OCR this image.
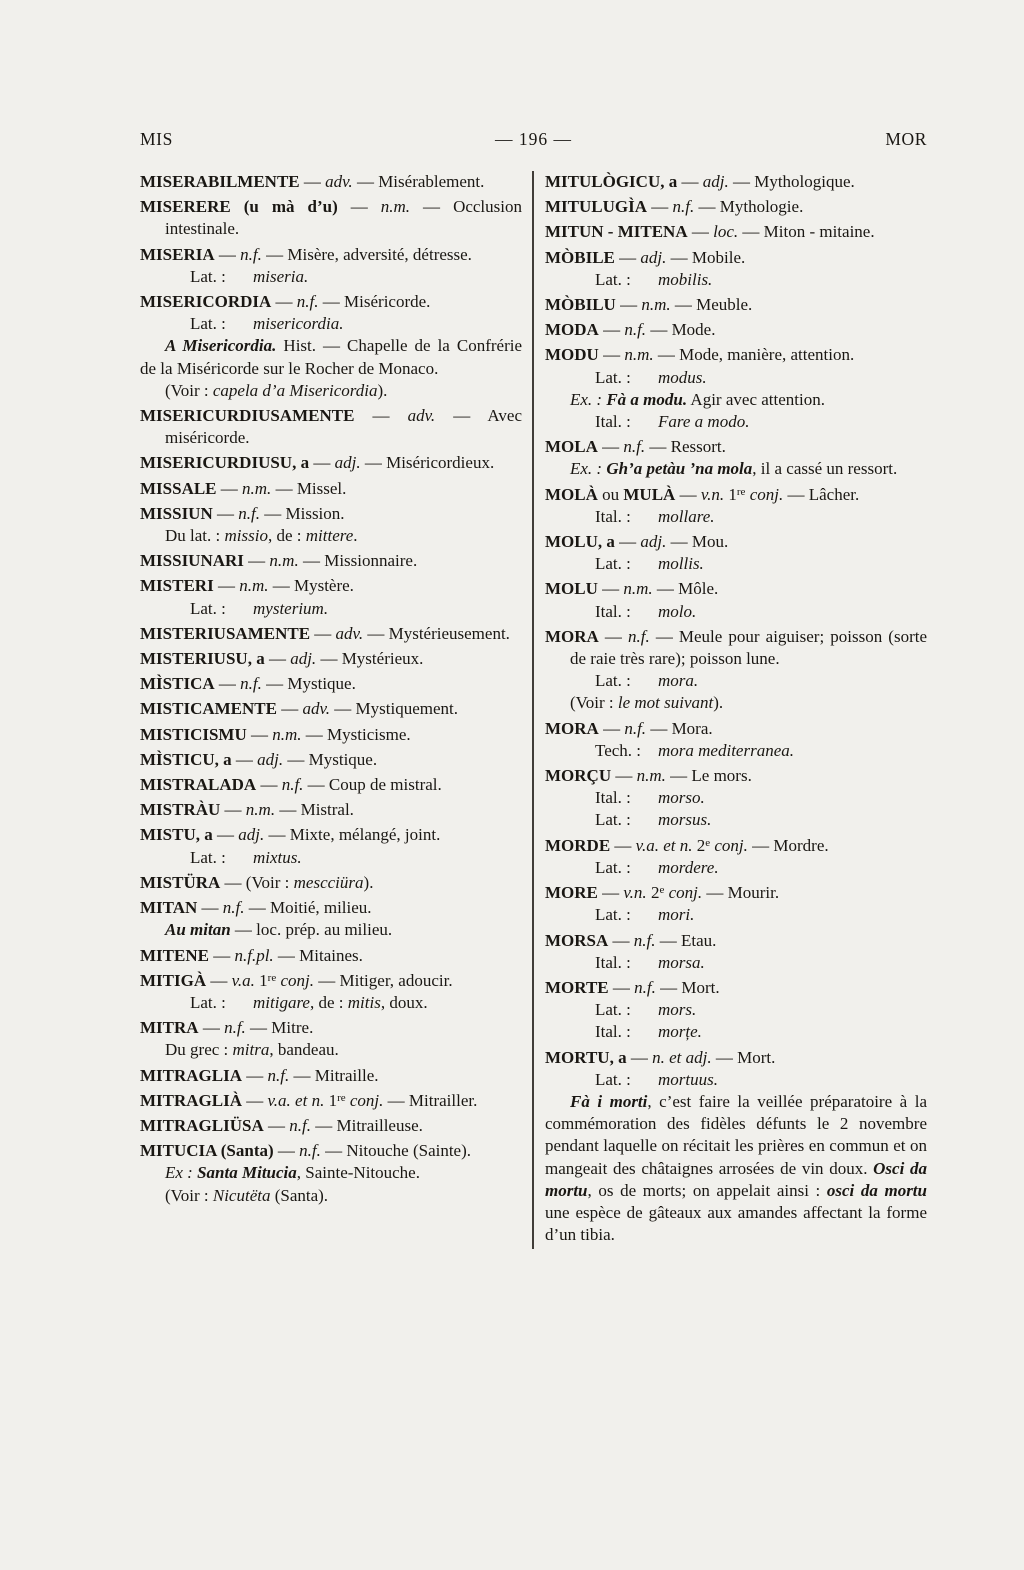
MIS	— 196 —	MOR

MISERABILMENTE — adv. — Misérablement.

MISERERE (u mà d’u) — n.m. — Occlusion intestinale.

MISERIA — n.f. — Misère, adversité, détresse.

Lat. : miseria.

MISERICORDIA — n.f. — Miséricorde.

Lat. : misericordia.

A Misericordia. Hist. — Chapelle de la Confrérie de la Miséricorde sur le Rocher de Monaco.

(Voir : capela d’a Misericordia).

MISERICURDIUSAMENTE — adv. — Avec miséricorde.

MISERICURDIUSU, a — adj. — Miséricordieux.

MISSALE — n.m. — Missel.

MISSIUN — n.f. — Mission.

Du lat. : missio, de : mittere.

MISSIUNARI — n.m. — Missionnaire.

MISTERI — n.m. — Mystère.

Lat. : mysterium.

MISTERIUSAMENTE — adv. — Mystérieusement.

MISTERIUSU, a — adj. — Mystérieux.

MÌSTICA — n.f. — Mystique.

MISTICAMENTE — adv. — Mystiquement.

MISTICISMU — n.m. — Mysticisme.

MÌSTICU, a — adj. — Mystique.

MISTRALADA — n.f. — Coup de mistral.

MISTRÀU — n.m. — Mistral.

MISTU, a — adj. — Mixte, mélangé, joint.

Lat. : mixtus.

MISTÜRA — (Voir : mescciüra).

MITAN — n.f. — Moitié, milieu.

Au mitan — loc. prép. au milieu.

MITENE — n.f.pl. — Mitaines.

MITIGÀ — v.a. 1re conj. — Mitiger, adoucir.

Lat. : mitigare, de : mitis, doux.

MITRA — n.f. — Mitre.

Du grec : mitra, bandeau.

MITRAGLIA — n.f. — Mitraille.

MITRAGLIÀ — v.a. et n. 1re conj. — Mitrailler.

MITRAGLIÜSA — n.f. — Mitrailleuse.

MITUCIA (Santa) — n.f. — Nitouche (Sainte).

Ex : Santa Mitucia, Sainte-Nitouche.

(Voir : Nicutëta (Santa).

MITULÒGICU, a — adj. — Mythologique.

MITULUGÌA — n.f. — Mythologie.

MITUN - MITENA — loc. — Miton - mitaine.

MÒBILE — adj. — Mobile.

Lat. : mobilis.

MÒBILU — n.m. — Meuble.

MODA — n.f. — Mode.

MODU — n.m. — Mode, manière, attention.

Lat. : modus.

Ex. : Fà a modu. Agir avec attention.

Ital. : Fare a modo.

MOLA — n.f. — Ressort.

Ex. : Gh’a petàu ’na mola, il a cassé un ressort.

MOLÀ ou MULÀ — v.n. 1re conj. — Lâcher.

Ital. : mollare.

MOLU, a — adj. — Mou.

Lat. : mollis.

MOLU — n.m. — Môle.

Ital. : molo.

MORA — n.f. — Meule pour aiguiser; poisson (sorte de raie très rare); poisson lune.

Lat. : mora.

(Voir : le mot suivant).

MORA — n.f. — Mora.

Tech. : mora mediterranea.

MORÇU — n.m. — Le mors.

Ital. : morso.

Lat. : morsus.

MORDE — v.a. et n. 2e conj. — Mordre.

Lat. : mordere.

MORE — v.n. 2e conj. — Mourir.

Lat. : mori.

MORSA — n.f. — Etau.

Ital. : morsa.

MORTE — n.f. — Mort.

Lat. : mors.

Ital. : morțe.

MORTU, a — n. et adj. — Mort.

Lat. : mortuus.

Fà i morti, c’est faire la veillée préparatoire à la commémoration des fidèles défunts le 2 novembre pendant laquelle on récitait les prières en commun et on mangeait des châtaignes arrosées de vin doux. Osci da mortu, os de morts; on appelait ainsi : osci da mortu une espèce de gâteaux aux amandes affectant la forme d’un tibia.
